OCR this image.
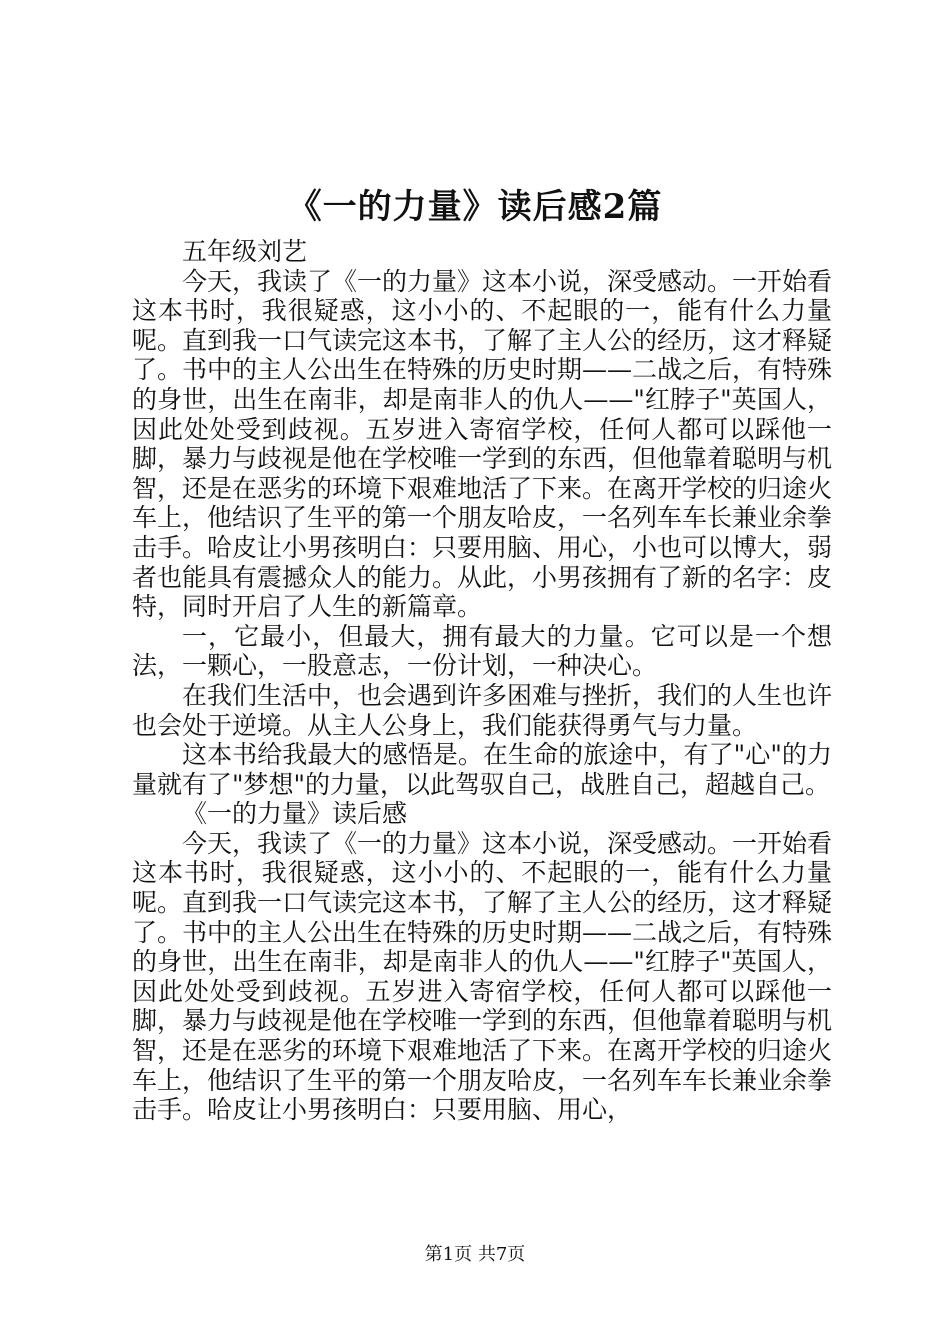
《一的力量》读后感2篇

五年级刘艺

今天，我读了《一的力量》这本小说，深受感动。一开始看这本书时，我很疑惑，这小小的、不起眼的一，能有什么力量呢。直到我一口气读完这本书，了解了主人公的经历，这才释疑了。书中的主人公出生在特殊的历史时期——二战之后，有特殊的身世，出生在南非，却是南非人的仇人——"红脖子"英国人，因此处处受到歧视。五岁进入寄宿学校，任何人都可以踩他一脚，暴力与歧视是他在学校唯一学到的东西，但他靠着聪明与机智，还是在恶劣的环境下艰难地活了下来。在离开学校的归途火车上，他结识了生平的第一个朋友哈皮，一名列车车长兼业余拳击手。哈皮让小男孩明白：只要用脑、用心，小也可以博大，弱者也能具有震撼众人的能力。从此，小男孩拥有了新的名字：皮特，同时开启了人生的新篇章。

一，它最小，但最大，拥有最大的力量。它可以是一个想法，一颗心，一股意志，一份计划，一种决心。

在我们生活中，也会遇到许多困难与挫折，我们的人生也许也会处于逆境。从主人公身上，我们能获得勇气与力量。

这本书给我最大的感悟是。在生命的旅途中，有了"心"的力量就有了"梦想"的力量，以此驾驭自己，战胜自己，超越自己。

《一的力量》读后感

今天，我读了《一的力量》这本小说，深受感动。一开始看这本书时，我很疑惑，这小小的、不起眼的一，能有什么力量呢。直到我一口气读完这本书，了解了主人公的经历，这才释疑了。书中的主人公出生在特殊的历史时期——二战之后，有特殊的身世，出生在南非，却是南非人的仇人——"红脖子"英国人，因此处处受到歧视。五岁进入寄宿学校，任何人都可以踩他一脚，暴力与歧视是他在学校唯一学到的东西，但他靠着聪明与机智，还是在恶劣的环境下艰难地活了下来。在离开学校的归途火车上，他结识了生平的第一个朋友哈皮，一名列车车长兼业余拳击手。哈皮让小男孩明白：只要用脑、用心，

第1页 共7页
